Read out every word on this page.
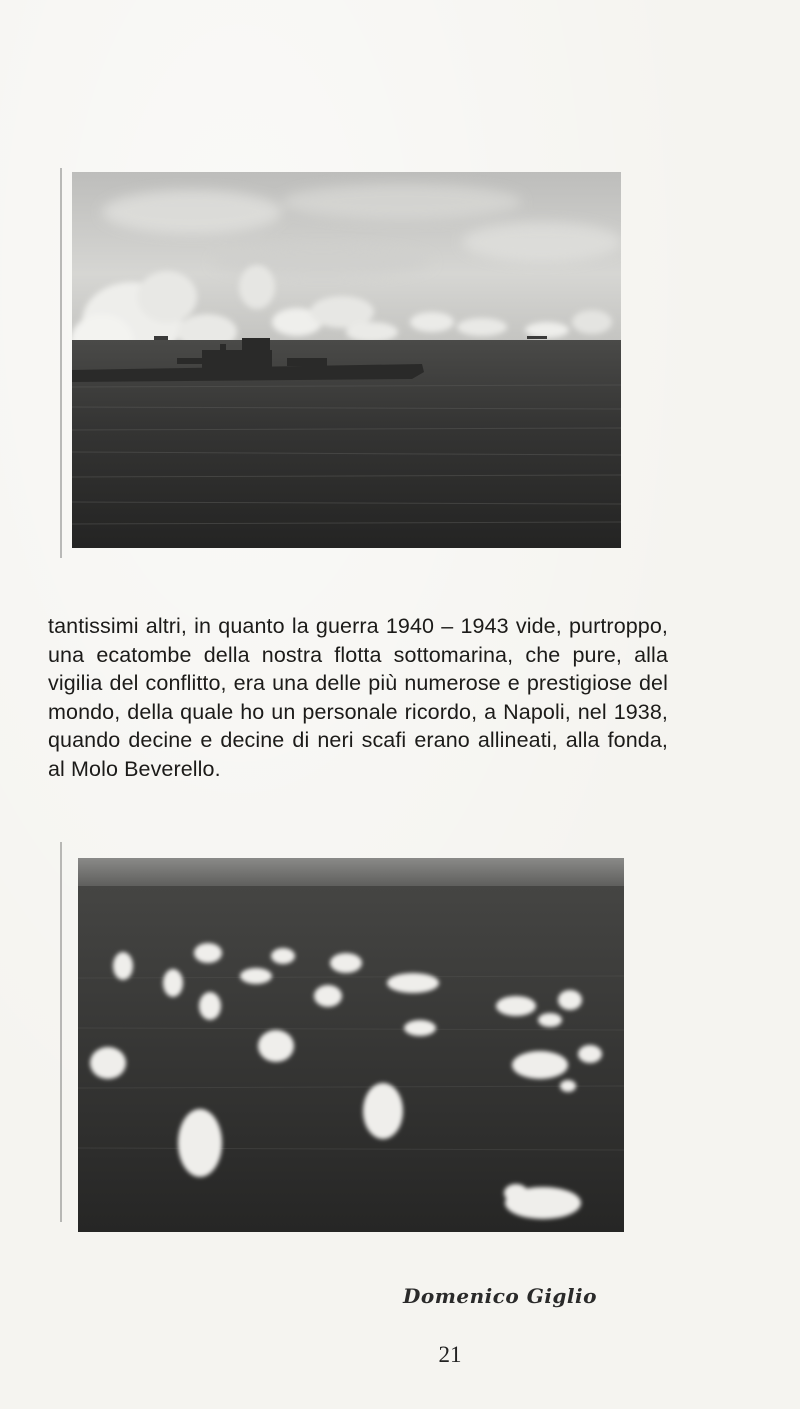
tantissimi altri, in quanto la guerra 1940 – 1943 vide, purtroppo, una ecatombe della nostra flotta sottomarina, che pure, alla vigilia del conflitto, era una delle più numerose e prestigiose del mondo, della quale ho un personale ricordo, a Napoli, nel 1938, quando decine e decine di neri scafi erano allineati, alla fonda, al Molo Beverello.
Domenico Giglio
21
